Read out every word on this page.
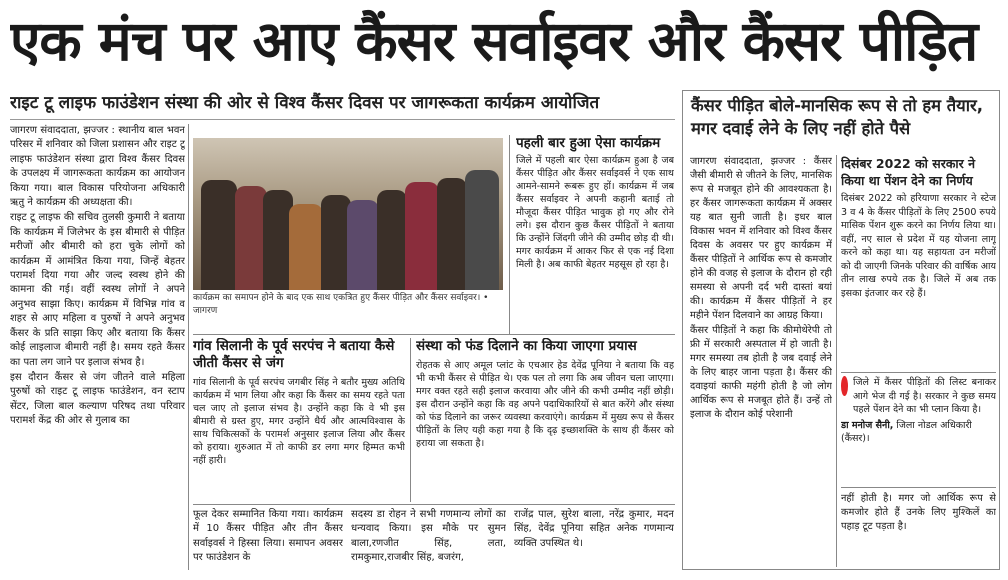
एक मंच पर आए कैंसर सर्वाइवर और कैंसर पीड़ित
राइट टू लाइफ फाउंडेशन संस्था की ओर से विश्व कैंसर दिवस पर जागरूकता कार्यक्रम आयोजित

जागरण संवाददाता, झज्जर : स्थानीय बाल भवन परिसर में शनिवार को जिला प्रशासन और राइट टू लाइफ फाउंडेशन संस्था द्वारा विश्व कैंसर दिवस के उपलक्ष्य में जागरूकता कार्यक्रम का आयोजन किया गया। बाल विकास परियोजना अधिकारी ऋतु ने कार्यक्रम की अध्यक्षता की।

राइट टू लाइफ की सचिव तुलसी कुमारी ने बताया कि कार्यक्रम में जिलेभर के इस बीमारी से पीड़ित मरीजों और बीमारी को हरा चुके लोगों को कार्यक्रम में आमंत्रित किया गया, जिन्हें बेहतर परामर्श दिया गया और जल्द स्वस्थ होने की कामना की गई। वहीं स्वस्थ लोगों ने अपने अनुभव साझा किए। कार्यक्रम में विभिन्न गांव व शहर से आए महिला व पुरुषों ने अपने अनुभव कैंसर के प्रति साझा किए और बताया कि कैंसर कोई लाइलाज बीमारी नहीं है। समय रहते कैंसर का पता लग जाने पर इलाज संभव है।

इस दौरान कैंसर से जंग जीतने वाले महिला पुरुषों को राइट टू लाइफ फाउंडेशन, वन स्टाप सेंटर, जिला बाल कल्याण परिषद तथा परिवार परामर्श केंद्र की ओर से गुलाब का

कार्यक्रम का समापन होने के बाद एक साथ एकत्रित हुए कैंसर पीड़ित और कैंसर सर्वाइवर। • जागरण
पहली बार हुआ ऐसा कार्यक्रम
जिले में पहली बार ऐसा कार्यक्रम हुआ है जब कैंसर पीड़ित और कैंसर सर्वाइवर्स ने एक साथ आमने-सामने रूबरू हुए हों। कार्यक्रम में जब कैंसर सर्वाइवर ने अपनी कहानी बताई तो मौजूदा कैंसर पीड़ित भावुक हो गए और रोने लगे। इस दौरान कुछ कैंसर पीड़ितों ने बताया कि उन्होंने जिंदगी जीने की उम्मीद छोड़ दी थी। मगर कार्यक्रम में आकर फिर से एक नई दिशा मिली है। अब काफी बेहतर महसूस हो रहा है।
गांव सिलानी के पूर्व सरपंच ने बताया कैसे जीती कैंसर से जंग
गांव सिलानी के पूर्व सरपंच जगबीर सिंह ने बतौर मुख्य अतिथि कार्यक्रम में भाग लिया और कहा कि कैंसर का समय रहते पता चल जाए तो इलाज संभव है। उन्होंने कहा कि वे भी इस बीमारी से ग्रस्त हुए, मगर उन्होंने धैर्य और आत्मविश्वास के साथ चिकित्सकों के परामर्श अनुसार इलाज लिया और कैंसर को हराया। शुरुआत में तो काफी डर लगा मगर हिम्मत कभी नहीं हारी।
संस्था को फंड दिलाने का किया जाएगा प्रयास
रोहतक से आए अमूल प्लांट के एचआर हेड देवेंद्र पूनिया ने बताया कि वह भी कभी कैंसर से पीड़ित थे। एक पल तो लगा कि अब जीवन चला जाएगा। मगर वक्त रहते सही इलाज करवाया और जीने की कभी उम्मीद नहीं छोड़ी। इस दौरान उन्होंने कहा कि वह अपने पदाधिकारियों से बात करेंगे और संस्था को फंड दिलाने का जरूर व्यवस्था करवाएंगे। कार्यक्रम में मुख्य रूप से कैंसर पीड़ितों के लिए यही कहा गया है कि दृढ़ इच्छाशक्ति के साथ ही कैंसर को हराया जा सकता है।
फूल देकर सम्मानित किया गया। कार्यक्रम में 10 कैंसर पीड़ित और तीन कैंसर सर्वाइवर्स ने हिस्सा लिया। समापन अवसर पर फाउंडेशन के
सदस्य डा रोहन ने सभी गणमान्य लोगों का धन्यवाद किया। इस मौके पर सुमन बाला,रणजीत सिंह, लता, रामकुमार,राजबीर सिंह, बजरंग,
राजेंद्र पाल, सुरेश बाला, नरेंद्र कुमार, मदन सिंह, देवेंद्र पूनिया सहित अनेक गणमान्य व्यक्ति उपस्थित थे।
कैंसर पीड़ित बोले-मानसिक रूप से तो हम तैयार, मगर दवाई लेने के लिए नहीं होते पैसे

जागरण संवाददाता, झज्जर : कैंसर जैसी बीमारी से जीतने के लिए, मानसिक रूप से मजबूत होने की आवश्यकता है। हर कैंसर जागरूकता कार्यक्रम में अक्सर यह बात सुनी जाती है। इधर बाल विकास भवन में शनिवार को विश्व कैंसर दिवस के अवसर पर हुए कार्यक्रम में कैंसर पीड़ितों ने आर्थिक रूप से कमजोर होने की वजह से इलाज के दौरान हो रही समस्या से अपनी दर्द भरी दास्तां बयां की। कार्यक्रम में कैंसर पीड़ितों ने हर महीने पेंशन दिलवाने का आग्रह किया।

कैंसर पीड़ितों ने कहा कि कीमोथेरेपी तो फ्री में सरकारी अस्पताल में हो जाती है। मगर समस्या तब होती है जब दवाई लेने के लिए बाहर जाना पड़ता है। कैंसर की दवाइयां काफी महंगी होती है जो लोग आर्थिक रूप से मजबूत होते हैं। उन्हें तो इलाज के दौरान कोई परेशानी

दिसंबर 2022 को सरकार ने किया था पेंशन देने का निर्णय
दिसंबर 2022 को हरियाणा सरकार ने स्टेज 3 व 4 के कैंसर पीड़ितों के लिए 2500 रुपये मासिक पेंशन शुरू करने का निर्णय लिया था। वहीं, नए साल से प्रदेश में यह योजना लागू करने को कहा था। यह सहायता उन मरीजों को दी जाएगी जिनके परिवार की वार्षिक आय तीन लाख रुपये तक है। जिले में अब तक इसका इंतजार कर रहे हैं।
जिले में कैंसर पीड़ितों की लिस्ट बनाकर आगे भेज दी गई है। सरकार ने कुछ समय पहले पेंशन देने का भी प्लान किया है।
डा मनोज सैनी, जिला नोडल अधिकारी (कैंसर)।
नहीं होती है। मगर जो आर्थिक रूप से कमजोर होते हैं उनके लिए मुश्किलें का पहाड़ टूट पड़ता है।
